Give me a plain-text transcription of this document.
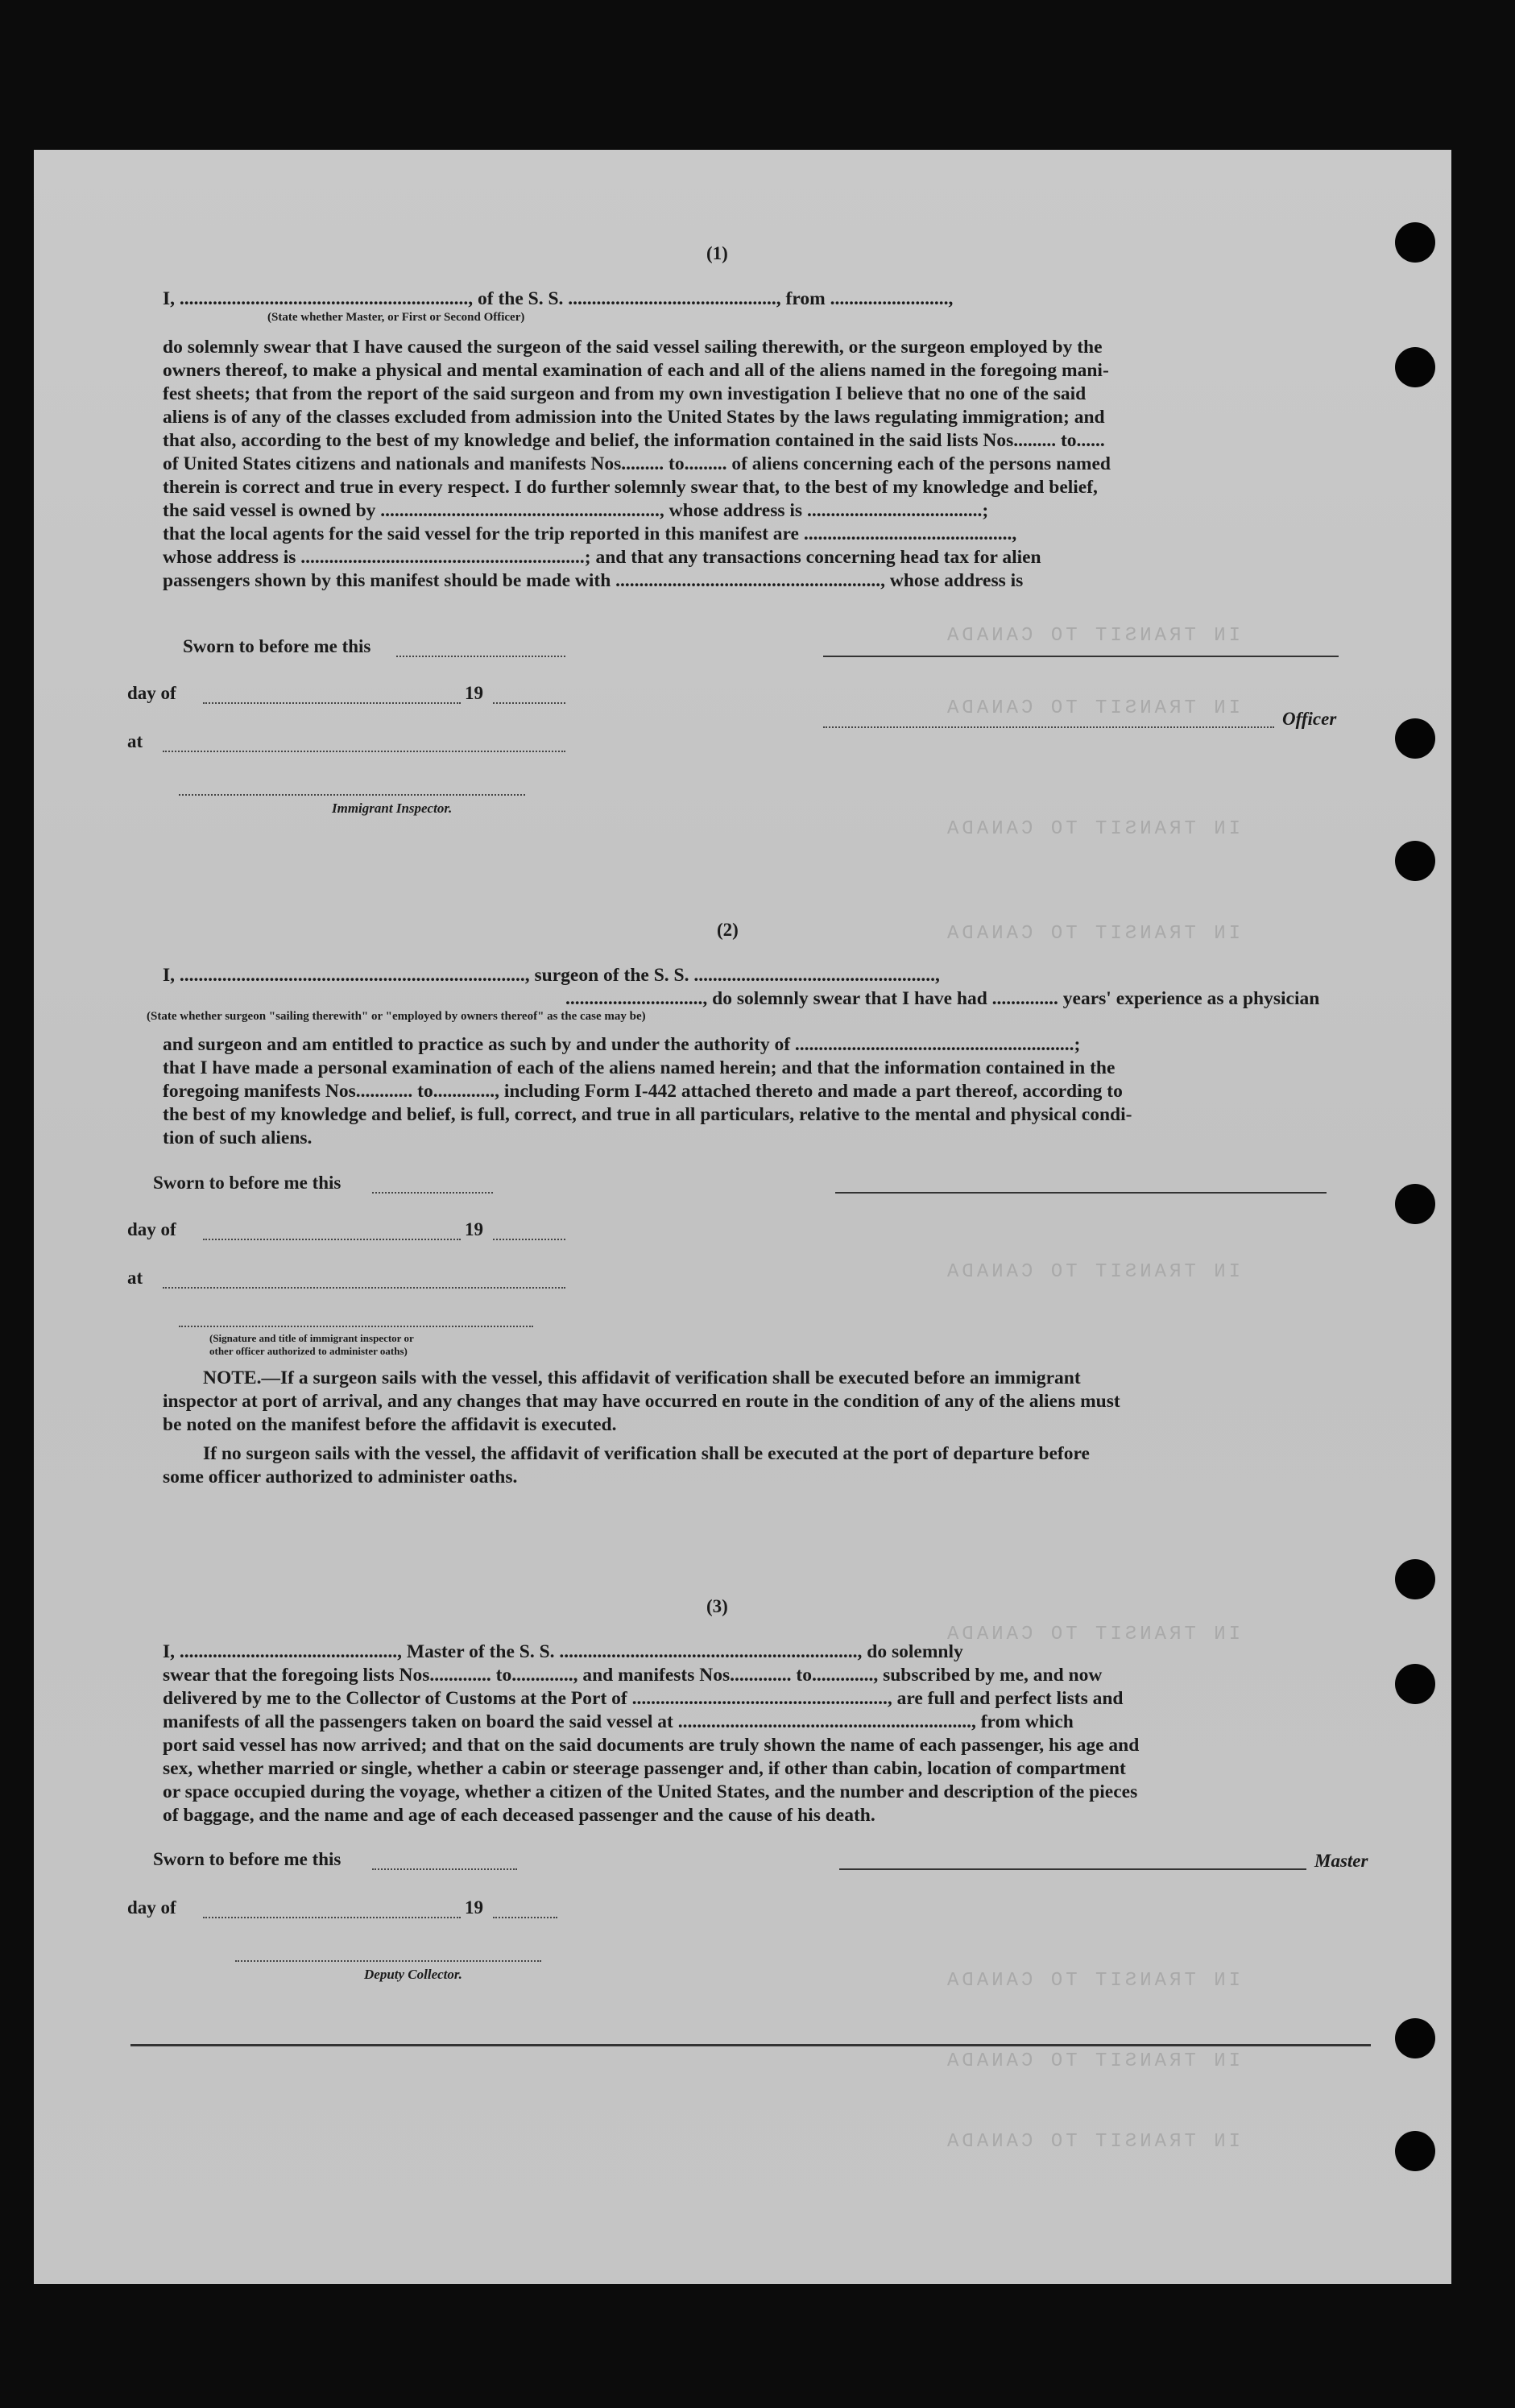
IN TRANSIT TO CANADA
IN TRANSIT TO CANADA
IN TRANSIT TO CANADA
IN TRANSIT TO CANADA
IN TRANSIT TO CANADA
IN TRANSIT TO CANADA
IN TRANSIT TO CANADA
IN TRANSIT TO CANADA
IN TRANSIT TO CANADA
(1)
I, ............................................................., of the S. S. ............................................, from .........................,
(State whether Master, or First or Second Officer)
do solemnly swear that I have caused the surgeon of the said vessel sailing therewith, or the surgeon employed by the
owners thereof, to make a physical and mental examination of each and all of the aliens named in the foregoing mani-
fest sheets; that from the report of the said surgeon and from my own investigation I believe that no one of the said
aliens is of any of the classes excluded from admission into the United States by the laws regulating immigration; and
that also, according to the best of my knowledge and belief, the information contained in the said lists Nos......... to......
of United States citizens and nationals and manifests Nos......... to......... of aliens concerning each of the persons named
therein is correct and true in every respect. I do further solemnly swear that, to the best of my knowledge and belief,
the said vessel is owned by ..........................................................., whose address is .....................................;
that the local agents for the said vessel for the trip reported in this manifest are ............................................,
whose address is ............................................................; and that any transactions concerning head tax for alien
passengers shown by this manifest should be made with ........................................................, whose address is
Sworn to before me this
day of	19
Officer
at
Immigrant Inspector.
(2)
I, ........................................................................., surgeon of the S. S. ...................................................,
............................., do solemnly swear that I have had .............. years' experience as a physician
(State whether surgeon "sailing therewith" or "employed by owners thereof" as the case may be)
and surgeon and am entitled to practice as such by and under the authority of ...........................................................;
that I have made a personal examination of each of the aliens named herein; and that the information contained in the
foregoing manifests Nos............ to............., including Form I-442 attached thereto and made a part thereof, according to
the best of my knowledge and belief, is full, correct, and true in all particulars, relative to the mental and physical condi-
tion of such aliens.
Sworn to before me this
day of	19
at
(Signature and title of immigrant inspector or
other officer authorized to administer oaths)
NOTE.—If a surgeon sails with the vessel, this affidavit of verification shall be executed before an immigrant
inspector at port of arrival, and any changes that may have occurred en route in the condition of any of the aliens must
be noted on the manifest before the affidavit is executed.
If no surgeon sails with the vessel, the affidavit of verification shall be executed at the port of departure before
some officer authorized to administer oaths.
(3)
I, .............................................., Master of the S. S. ..............................................................., do solemnly
swear that the foregoing lists Nos............. to............., and manifests Nos............. to............., subscribed by me, and now
delivered by me to the Collector of Customs at the Port of ......................................................, are full and perfect lists and
manifests of all the passengers taken on board the said vessel at .............................................................., from which
port said vessel has now arrived; and that on the said documents are truly shown the name of each passenger, his age and
sex, whether married or single, whether a cabin or steerage passenger and, if other than cabin, location of compartment
or space occupied during the voyage, whether a citizen of the United States, and the number and description of the pieces
of baggage, and the name and age of each deceased passenger and the cause of his death.
Sworn to before me this	Master
day of	19
Deputy Collector.
